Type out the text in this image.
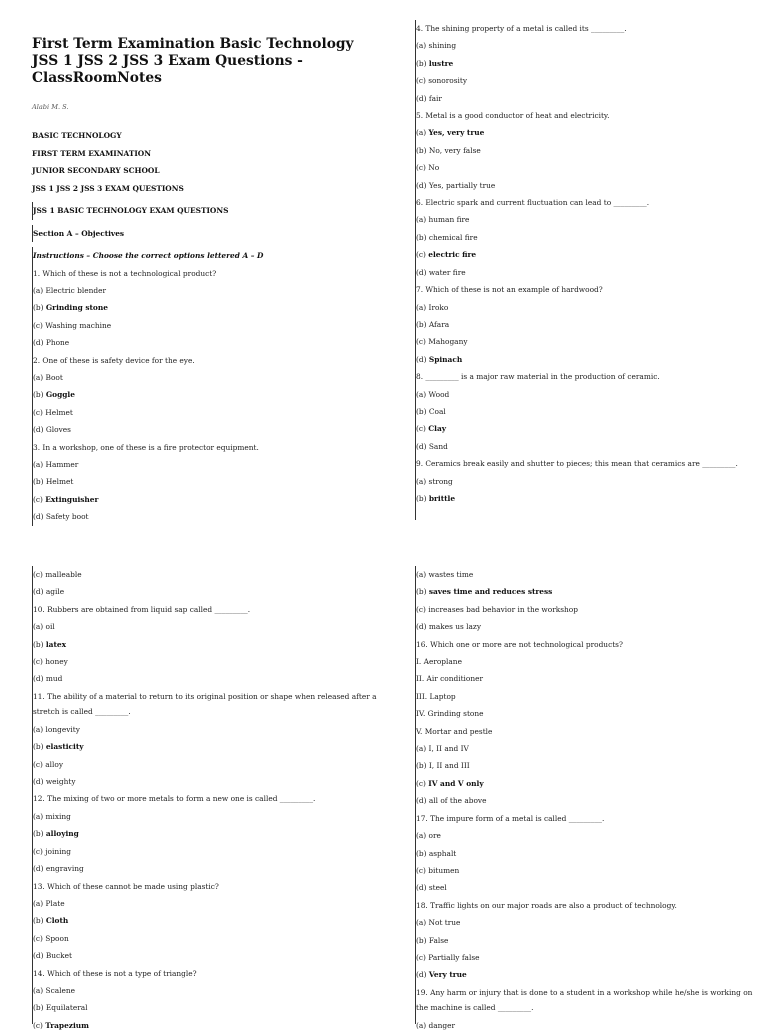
First Term Examination Basic Technology JSS 1 JSS 2 JSS 3 Exam Questions - ClassRoomNotes
Alabi M. S.
BASIC TECHNOLOGY
FIRST TERM EXAMINATION
JUNIOR SECONDARY SCHOOL
JSS 1 JSS 2 JSS 3 EXAM QUESTIONS
JSS 1 BASIC TECHNOLOGY EXAM QUESTIONS
Section A – Objectives
Instructions – Choose the correct options lettered A – D
1. Which of these is not a technological product?
(a) Electric blender
(b) Grinding stone
(c) Washing machine
(d) Phone
2. One of these is safety device for the eye.
(a) Boot
(b) Goggle
(c) Helmet
(d) Gloves
3. In a workshop, one of these is a fire protector equipment.
(a) Hammer
(b) Helmet
(c) Extinguisher
(d) Safety boot
4. The shining property of a metal is called its _________.
(a) shining
(b) lustre
(c) sonorosity
(d) fair
5. Metal is a good conductor of heat and electricity.
(a) Yes, very true
(b) No, very false
(c) No
(d) Yes, partially true
6. Electric spark and current fluctuation can lead to _________.
(a) human fire
(b) chemical fire
(c) electric fire
(d) water fire
7. Which of these is not an example of hardwood?
(a) Iroko
(b) Afara
(c) Mahogany
(d) Spinach
8. _________ is a major raw material in the production of ceramic.
(a) Wood
(b) Coal
(c) Clay
(d) Sand
9. Ceramics break easily and shutter to pieces; this mean that ceramics are _________.
(a) strong
(b) brittle
(c) malleable
(d) agile
10. Rubbers are obtained from liquid sap called _________.
(a) oil
(b) latex
(c) honey
(d) mud
11. The ability of a material to return to its original position or shape when released after a stretch is called _________.
(a) longevity
(b) elasticity
(c) alloy
(d) weighty
12. The mixing of two or more metals to form a new one is called _________.
(a) mixing
(b) alloying
(c) joining
(d) engraving
13. Which of these cannot be made using plastic?
(a) Plate
(b) Cloth
(c) Spoon
(d) Bucket
14. Which of these is not a type of triangle?
(a) Scalene
(b) Equilateral
(c) Trapezium
(a) wastes time
(b) saves time and reduces stress
(c) increases bad behavior in the workshop
(d) makes us lazy
16. Which one or more are not technological products?
I. Aeroplane
II. Air conditioner
III. Laptop
IV. Grinding stone
V. Mortar and pestle
(a) I, II and IV
(b) I, II and III
(c) IV and V only
(d) all of the above
17. The impure form of a metal is called _________.
(a) ore
(b) asphalt
(c) bitumen
(d) steel
18. Traffic lights on our major roads are also a product of technology.
(a) Not true
(b) False
(c) Partially false
(d) Very true
19. Any harm or injury that is done to a student in a workshop while he/she is working on the machine is called _________.
(a) danger
